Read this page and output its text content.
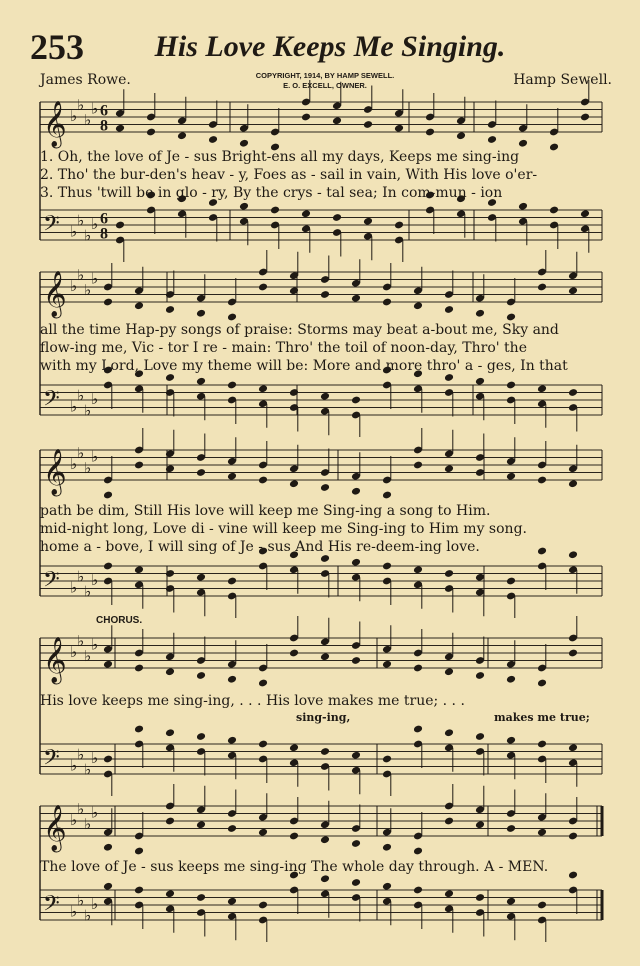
253 His Love Keeps Me Singing.
James Rowe.	COPYRIGHT, 1914, BY HAMP SEWELL.
E. O. EXCELL, OWNER.	Hamp Sewell.
𝄞 ♭
♭
♭
♭ 6
8
𝄢 ♭
♭
♭
♭ 6
8
𝄞 ♭
♭
♭
♭
𝄢 ♭
♭
♭
♭
𝄞 ♭
♭
♭
♭
𝄢 ♭
♭
♭
♭
𝄞 ♭
♭
♭
♭
𝄢 ♭
♭
♭
♭
𝄞 ♭
♭
♭
♭
𝄢 ♭
♭
♭
♭
1. Oh, the love of Je - sus Bright-ens all my days, Keeps me sing-ing
2. Tho' the bur-den's heav - y, Foes as - sail in vain, With His love o'er-
3. Thus 'twill be in glo - ry, By the crys - tal sea; In com-mun - ion
all the time Hap-py songs of praise: Storms may beat a-bout me, Sky and
flow-ing me, Vic - tor I re - main: Thro' the toil of noon-day, Thro' the
with my Lord, Love my theme will be: More and more thro' a - ges, In that
path be dim, Still His love will keep me Sing-ing a song to Him.
mid-night long, Love di - vine will keep me Sing-ing to Him my song.
home a - bove, I will sing of Je - sus And His re-deem-ing love.
CHORUS.
His love keeps me sing-ing, . . . His love makes me true; . . .
sing-ing,	makes me true;
The love of Je - sus keeps me sing-ing The whole day through. A - MEN.
